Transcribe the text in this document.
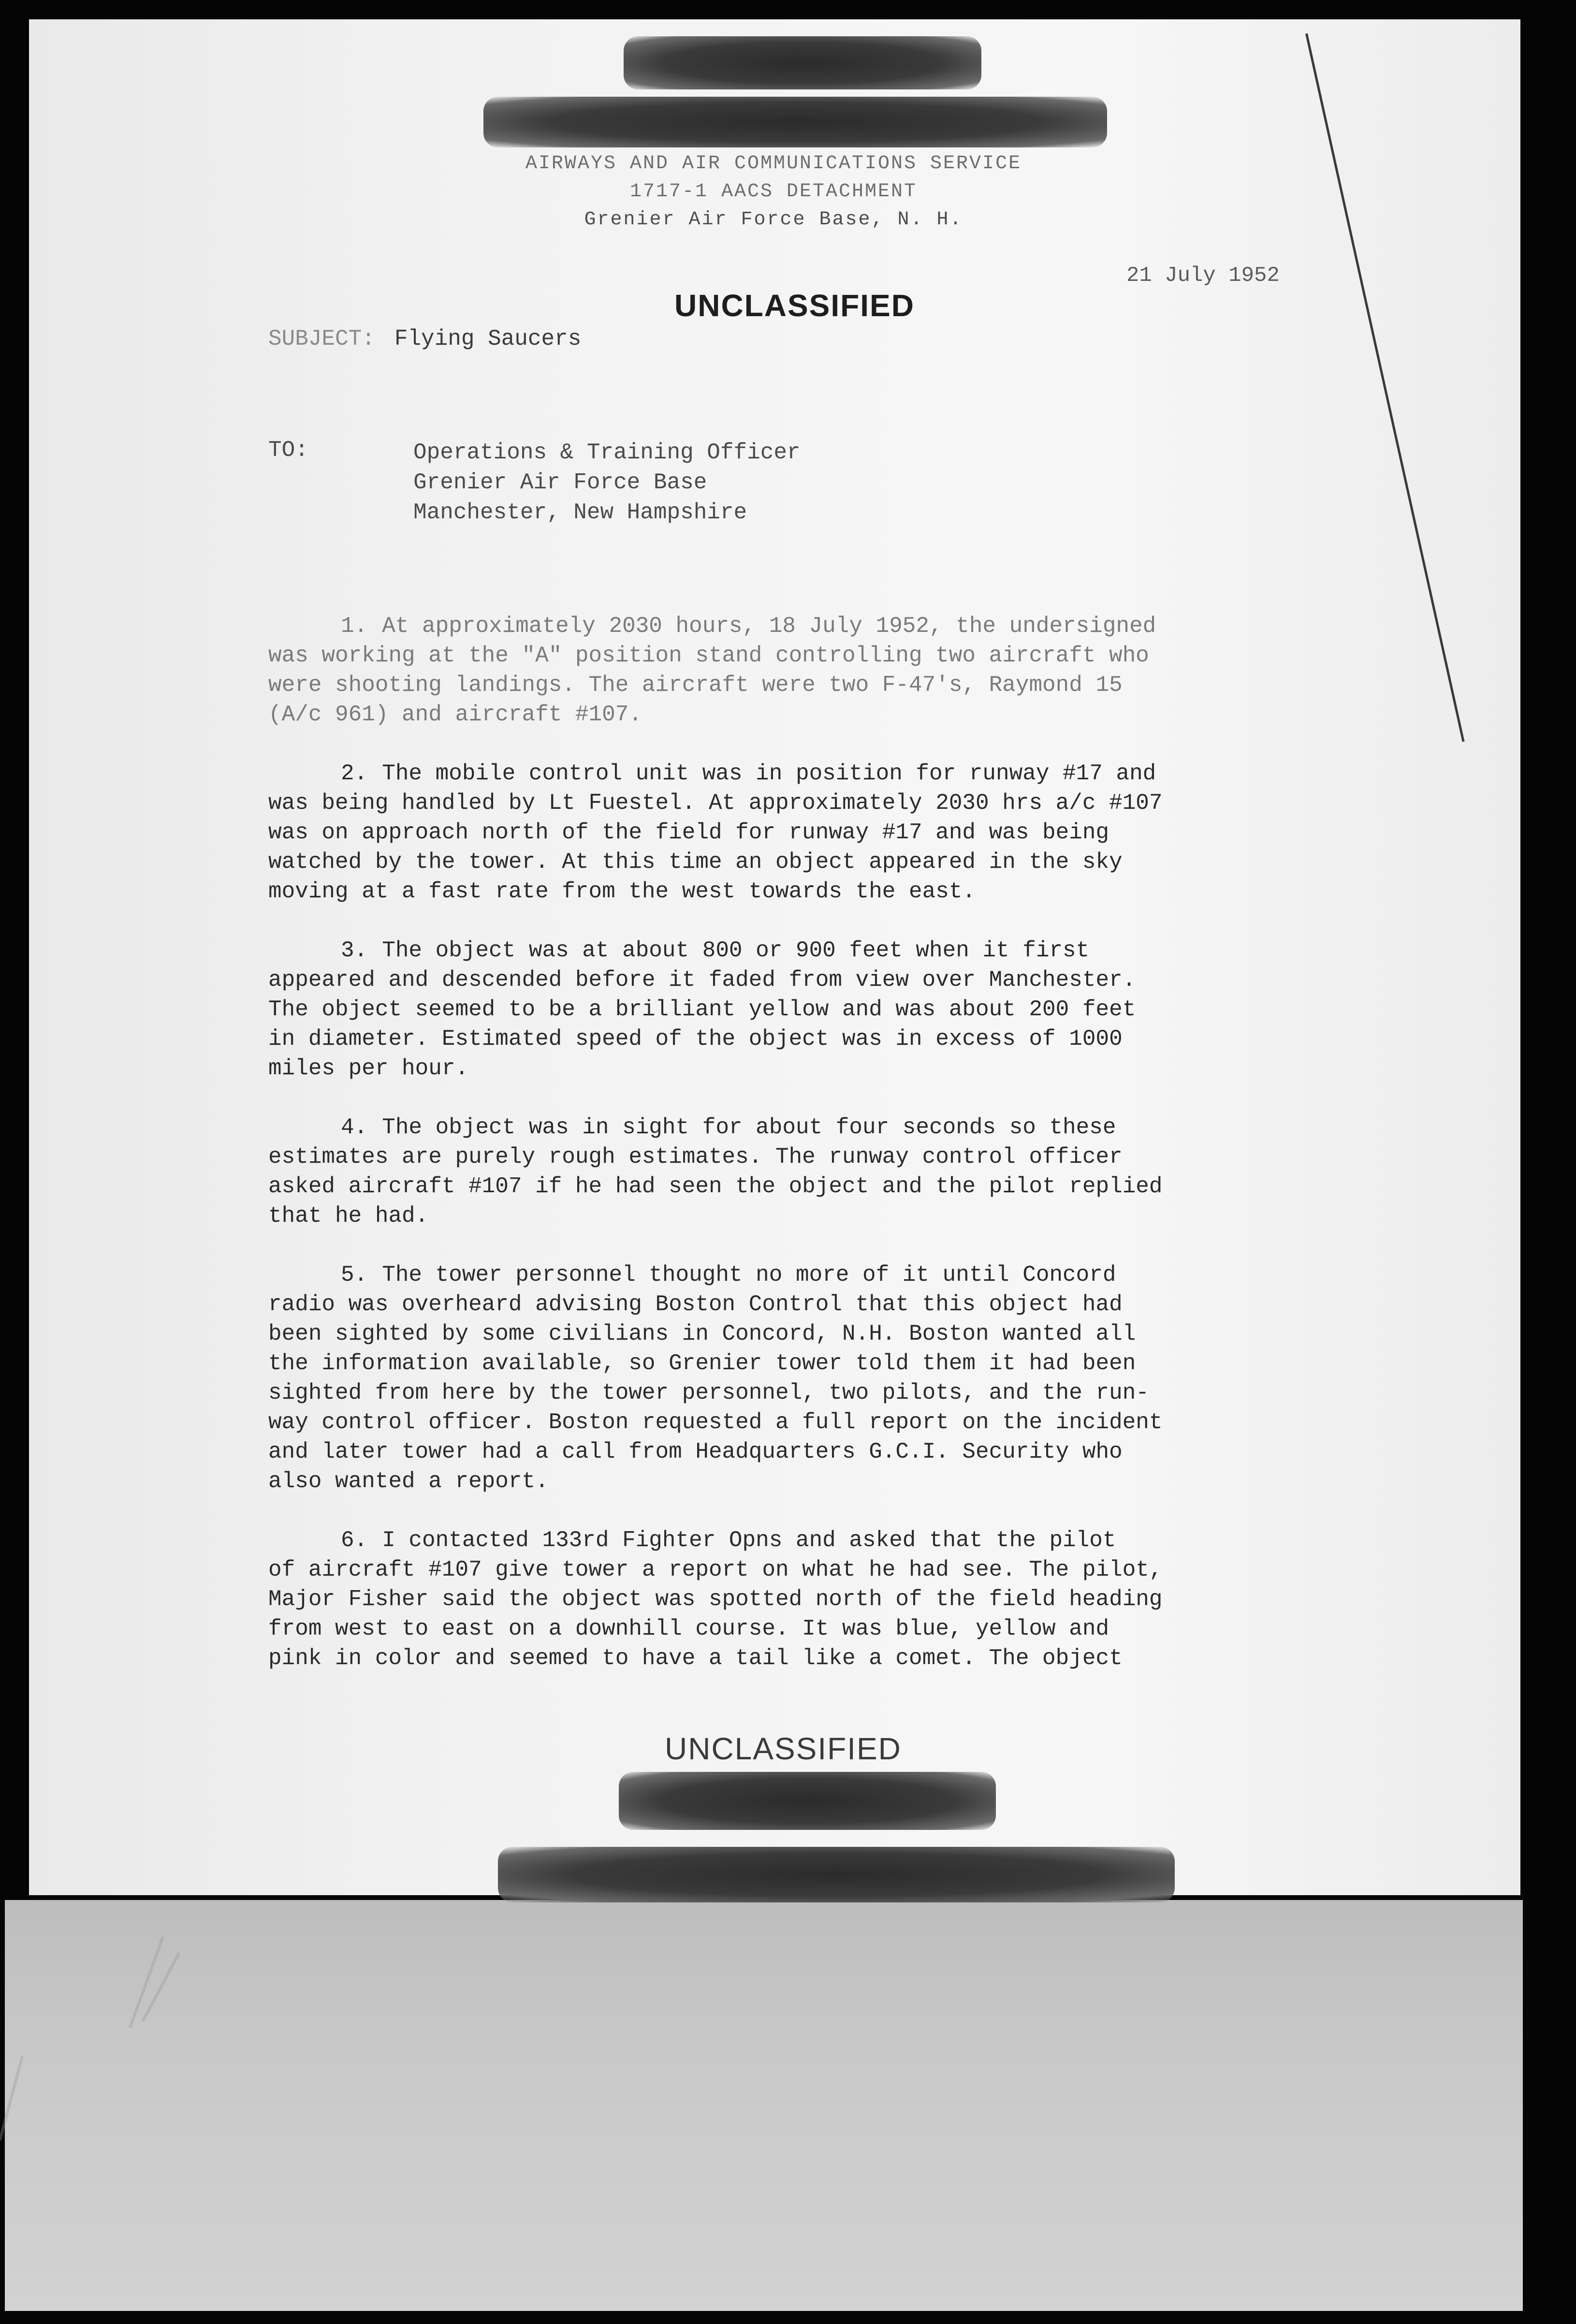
AIRWAYS AND AIR COMMUNICATIONS SERVICE
1717-1 AACS DETACHMENT
Grenier Air Force Base, N. H.
UNCLASSIFIED
21 July 1952
SUBJECT: Flying Saucers
TO:	Operations & Training Officer
Grenier Air Force Base
Manchester, New Hampshire
1. At approximately 2030 hours, 18 July 1952, the undersigned
was working at the "A" position stand controlling two aircraft who
were shooting landings. The aircraft were two F-47's, Raymond 15
(A/c 961) and aircraft #107.
2. The mobile control unit was in position for runway #17 and
was being handled by Lt Fuestel. At approximately 2030 hrs a/c #107
was on approach north of the field for runway #17 and was being
watched by the tower. At this time an object appeared in the sky
moving at a fast rate from the west towards the east.
3. The object was at about 800 or 900 feet when it first
appeared and descended before it faded from view over Manchester.
The object seemed to be a brilliant yellow and was about 200 feet
in diameter. Estimated speed of the object was in excess of 1000
miles per hour.
4. The object was in sight for about four seconds so these
estimates are purely rough estimates. The runway control officer
asked aircraft #107 if he had seen the object and the pilot replied
that he had.
5. The tower personnel thought no more of it until Concord
radio was overheard advising Boston Control that this object had
been sighted by some civilians in Concord, N.H. Boston wanted all
the information available, so Grenier tower told them it had been
sighted from here by the tower personnel, two pilots, and the run-
way control officer. Boston requested a full report on the incident
and later tower had a call from Headquarters G.C.I. Security who
also wanted a report.
6. I contacted 133rd Fighter Opns and asked that the pilot
of aircraft #107 give tower a report on what he had see. The pilot,
Major Fisher said the object was spotted north of the field heading
from west to east on a downhill course. It was blue, yellow and
pink in color and seemed to have a tail like a comet. The object
UNCLASSIFIED
